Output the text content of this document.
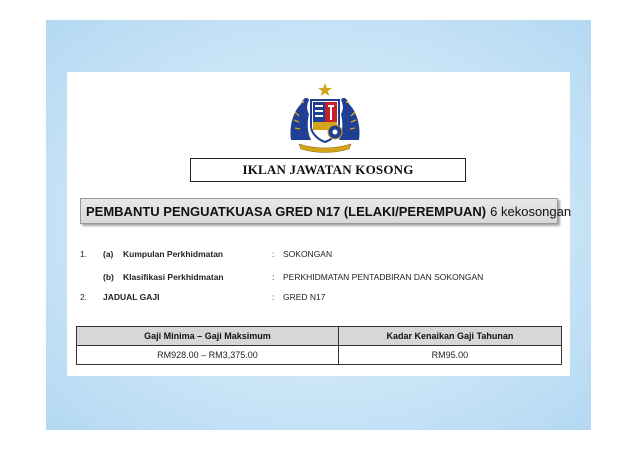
IKLAN JAWATAN KOSONG
PEMBANTU PENGUATKUASA GRED N17 (LELAKI/PEREMPUAN) 6 kekosongan
1. (a) Kumpulan Perkhidmatan	: SOKONGAN
(b) Klasifikasi Perkhidmatan	: PERKHIDMATAN PENTADBIRAN DAN SOKONGAN
2. JADUAL GAJI	: GRED N17
Gaji Minima – Gaji Maksimum	Kadar Kenaikan Gaji Tahunan
RM928.00 – RM3,375.00	RM95.00
